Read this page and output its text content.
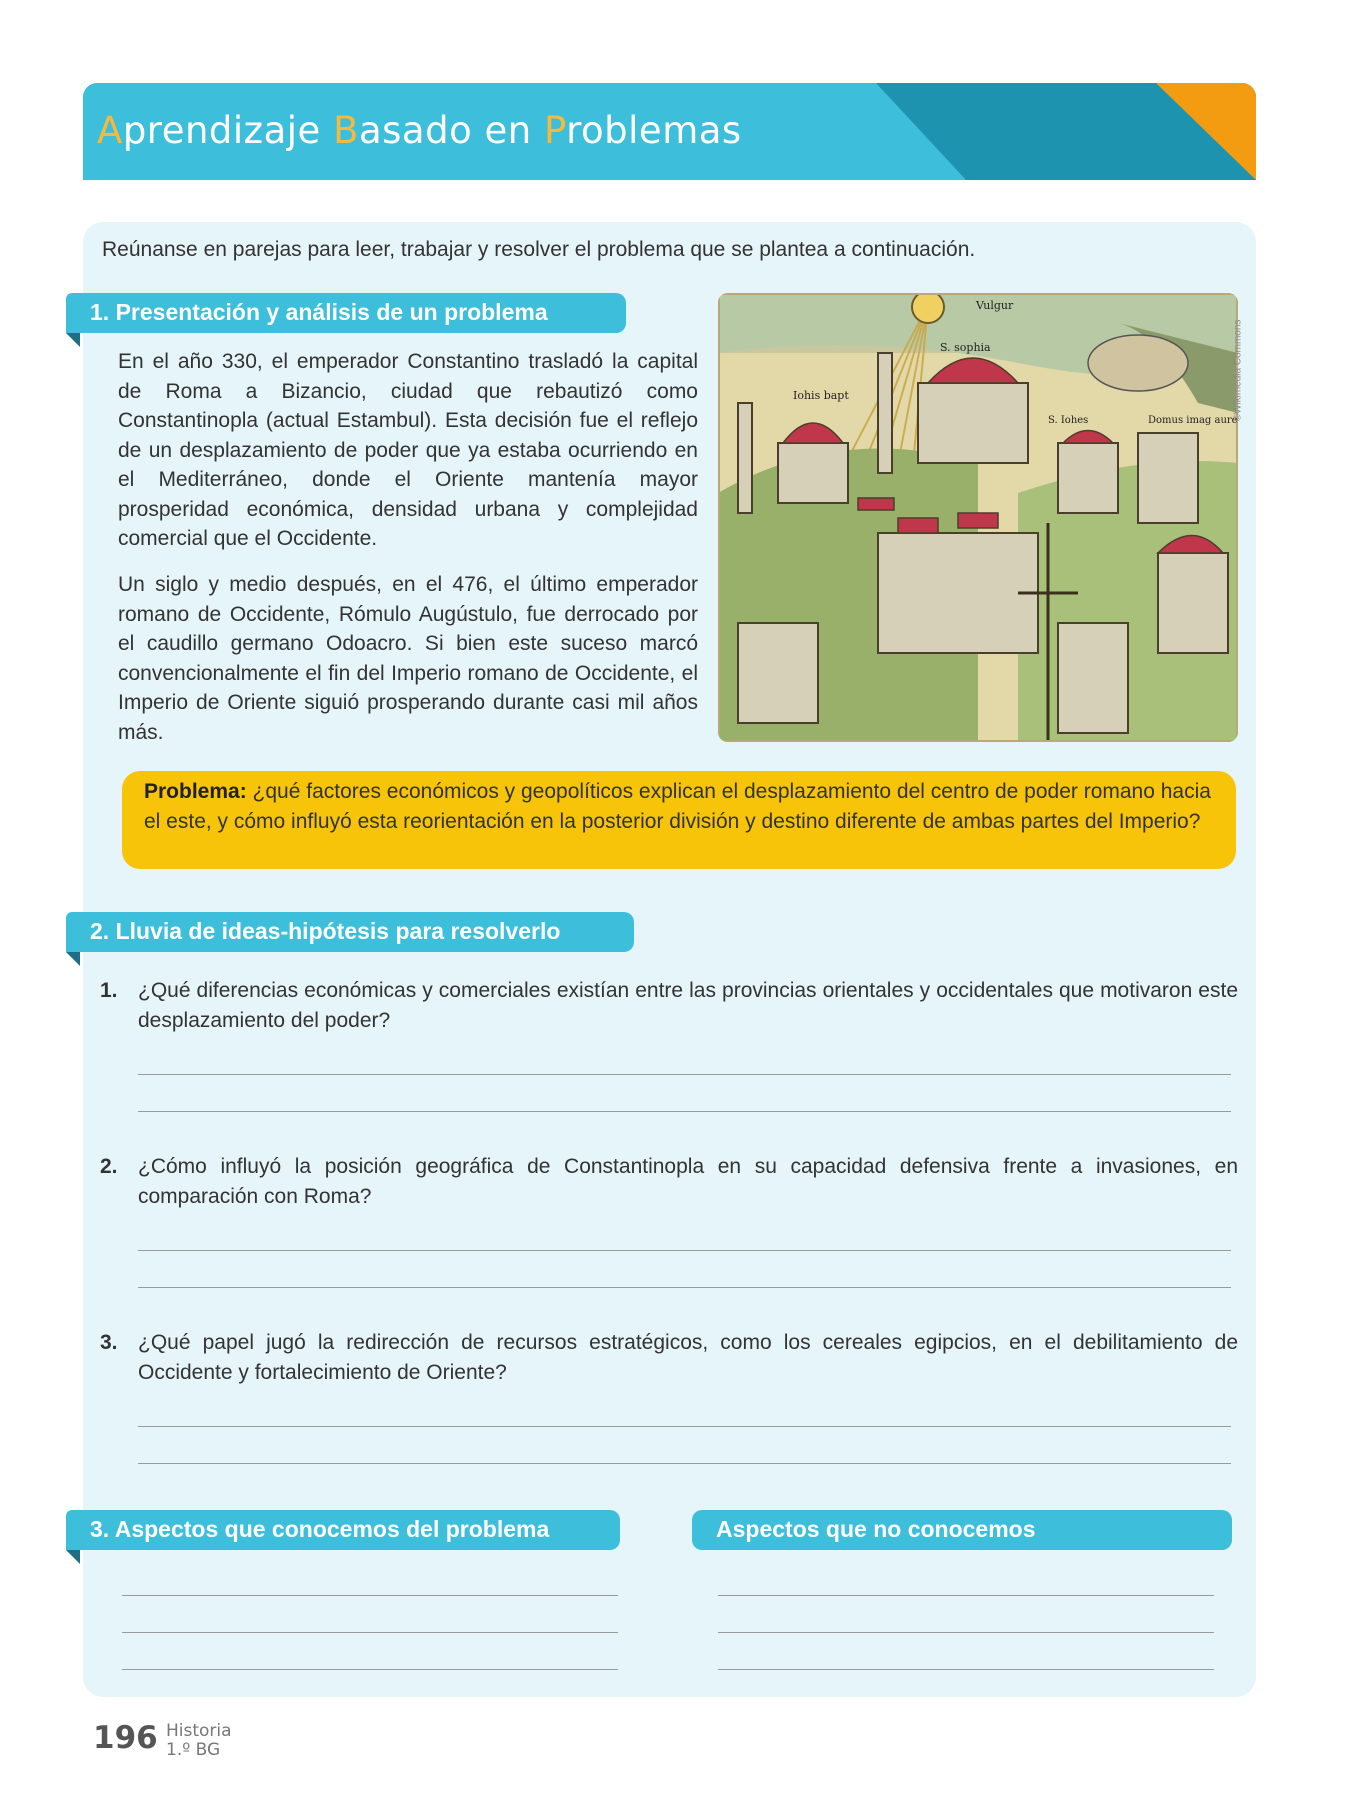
Aprendizaje Basado en Problemas
DUA
Participación
Reúnanse en parejas para leer, trabajar y resolver el problema que se plantea a continuación.
1. Presentación y análisis de un problema
En el año 330, el emperador Constantino trasladó la capital de Roma a Bizancio, ciudad que rebautizó como Constantinopla (actual Estambul). Esta decisión fue el reflejo de un desplazamiento de poder que ya estaba ocurriendo en el Mediterráneo, donde el Oriente mantenía mayor prosperidad económica, densidad urbana y complejidad comercial que el Occidente.
Un siglo y medio después, en el 476, el último emperador romano de Occidente, Rómulo Augústulo, fue derrocado por el caudillo germano Odoacro. Si bien este suceso marcó convencionalmente el fin del Imperio romano de Occidente, el Imperio de Oriente siguió prosperando durante casi mil años más.
Vulgur
S. sophia
Iohis bapt
S. Iohes	Domus imag aure
©Wikimedia Commons
Problema: ¿qué factores económicos y geopolíticos explican el desplazamiento del centro de poder romano hacia el este, y cómo influyó esta reorientación en la posterior división y destino diferente de ambas partes del Imperio?
2. Lluvia de ideas-hipótesis para resolverlo
1. ¿Qué diferencias económicas y comerciales existían entre las provincias orientales y occidentales que motivaron este desplazamiento del poder?
2. ¿Cómo influyó la posición geográfica de Constantinopla en su capacidad defensiva frente a invasiones, en comparación con Roma?
3. ¿Qué papel jugó la redirección de recursos estratégicos, como los cereales egipcios, en el debilitamiento de Occidente y fortalecimiento de Oriente?
3. Aspectos que conocemos del problema	Aspectos que no conocemos
196 Historia
1.º BG
